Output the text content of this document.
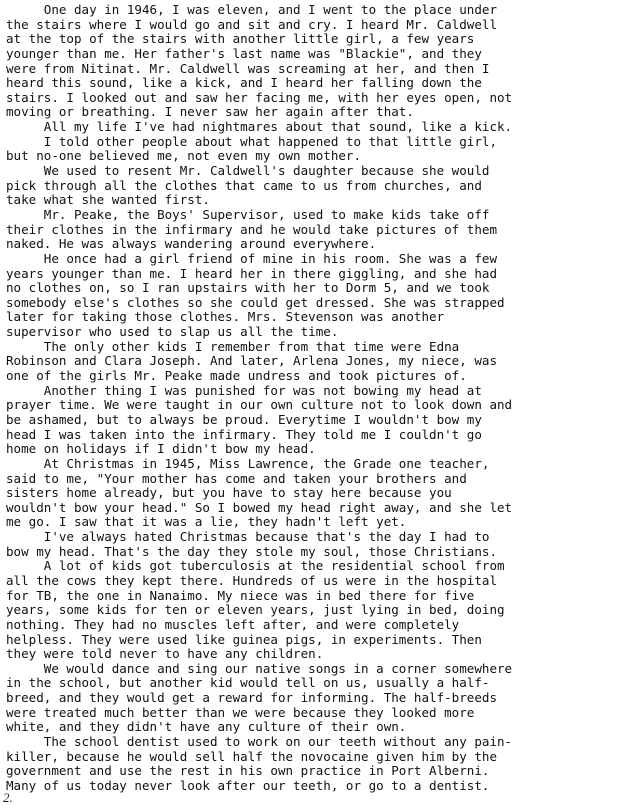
One day in 1946, I was eleven, and I went to the place under
the stairs where I would go and sit and cry. I heard Mr. Caldwell
at the top of the stairs with another little girl, a few years
younger than me. Her father's last name was "Blackie", and they
were from Nitinat. Mr. Caldwell was screaming at her, and then I
heard this sound, like a kick, and I heard her falling down the
stairs. I looked out and saw her facing me, with her eyes open, not
moving or breathing. I never saw her again after that.
All my life I've had nightmares about that sound, like a kick.
I told other people about what happened to that little girl,
but no-one believed me, not even my own mother.
We used to resent Mr. Caldwell's daughter because she would
pick through all the clothes that came to us from churches, and
take what she wanted first.
Mr. Peake, the Boys' Supervisor, used to make kids take off
their clothes in the infirmary and he would take pictures of them
naked. He was always wandering around everywhere.
He once had a girl friend of mine in his room. She was a few
years younger than me. I heard her in there giggling, and she had
no clothes on, so I ran upstairs with her to Dorm 5, and we took
somebody else's clothes so she could get dressed. She was strapped
later for taking those clothes. Mrs. Stevenson was another
supervisor who used to slap us all the time.
The only other kids I remember from that time were Edna
Robinson and Clara Joseph. And later, Arlena Jones, my niece, was
one of the girls Mr. Peake made undress and took pictures of.
Another thing I was punished for was not bowing my head at
prayer time. We were taught in our own culture not to look down and
be ashamed, but to always be proud. Everytime I wouldn't bow my
head I was taken into the infirmary. They told me I couldn't go
home on holidays if I didn't bow my head.
At Christmas in 1945, Miss Lawrence, the Grade one teacher,
said to me, "Your mother has come and taken your brothers and
sisters home already, but you have to stay here because you
wouldn't bow your head." So I bowed my head right away, and she let
me go. I saw that it was a lie, they hadn't left yet.
I've always hated Christmas because that's the day I had to
bow my head. That's the day they stole my soul, those Christians.
A lot of kids got tuberculosis at the residential school from
all the cows they kept there. Hundreds of us were in the hospital
for TB, the one in Nanaimo. My niece was in bed there for five
years, some kids for ten or eleven years, just lying in bed, doing
nothing. They had no muscles left after, and were completely
helpless. They were used like guinea pigs, in experiments. Then
they were told never to have any children.
We would dance and sing our native songs in a corner somewhere
in the school, but another kid would tell on us, usually a half-
breed, and they would get a reward for informing. The half-breeds
were treated much better than we were because they looked more
white, and they didn't have any culture of their own.
The school dentist used to work on our teeth without any pain-
killer, because he would sell half the novocaine given him by the
government and use the rest in his own practice in Port Alberni.
Many of us today never look after our teeth, or go to a dentist.
2.
